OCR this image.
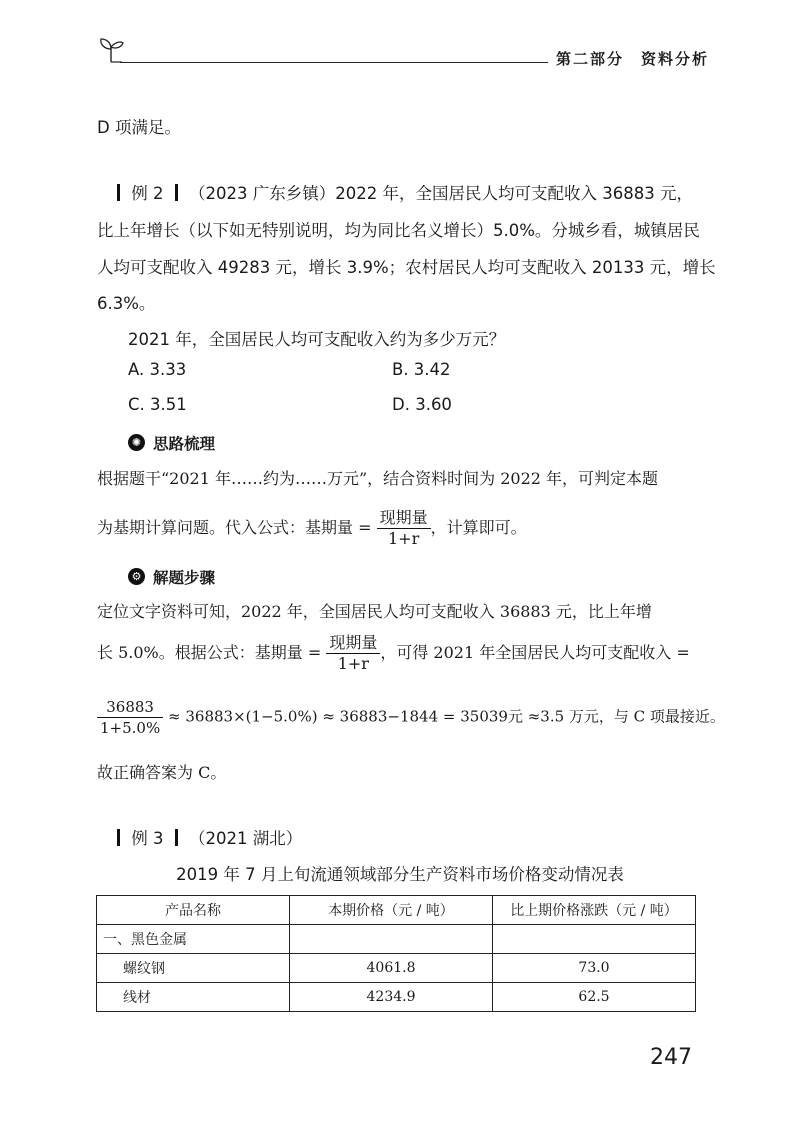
第二部分　资料分析
D 项满足。
例 2 （2023 广东乡镇）2022 年，全国居民人均可支配收入 36883 元，
比上年增长（以下如无特别说明，均为同比名义增长）5.0%。分城乡看，城镇居民
人均可支配收入 49283 元，增长 3.9%；农村居民人均可支配收入 20133 元，增长
6.3%。
2021 年，全国居民人均可支配收入约为多少万元？
A. 3.33	B. 3.42
C. 3.51	D. 3.60
✺ 思路梳理
根据题干“2021 年……约为……万元”，结合资料时间为 2022 年，可判定本题
为基期计算问题。代入公式：基期量 = $\frac{\text{现期量}}{1+r}$ ，计算即可。
⚙ 解题步骤
定位文字资料可知，2022 年，全国居民人均可支配收入 36883 元，比上年增
长 5.0%。根据公式：基期量 = $\frac{\text{现期量}}{1+r}$ ，可得 2021 年全国居民人均可支配收入 =
$\frac{36883}{1+5.0\%} \approx 36883\times(1-5.0\%) \approx 36883-1844 = 35039$元 ≈3.5 万元，与 C 项最接近。
故正确答案为 C。
例 3 （2021 湖北）
2019 年 7 月上旬流通领域部分生产资料市场价格变动情况表
产品名称	本期价格（元 / 吨）	比上期价格涨跌（元 / 吨）
一、黑色金属		
螺纹钢	4061.8	73.0
线材	4234.9	62.5
247
